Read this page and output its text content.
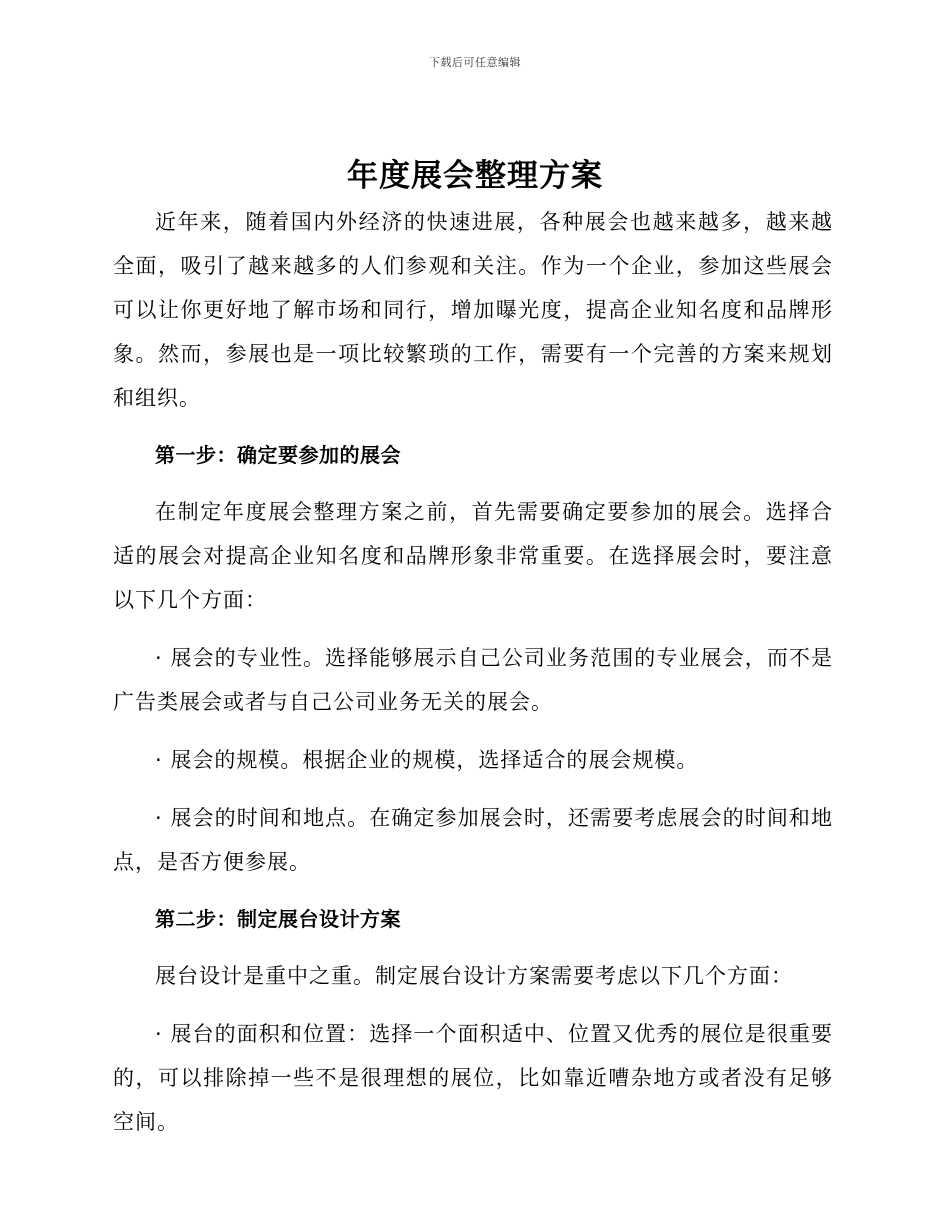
下载后可任意编辑
年度展会整理方案

近年来，随着国内外经济的快速进展，各种展会也越来越多，越来越全面，吸引了越来越多的人们参观和关注。作为一个企业，参加这些展会可以让你更好地了解市场和同行，增加曝光度，提高企业知名度和品牌形象。然而，参展也是一项比较繁琐的工作，需要有一个完善的方案来规划和组织。

第一步：确定要参加的展会

在制定年度展会整理方案之前，首先需要确定要参加的展会。选择合适的展会对提高企业知名度和品牌形象非常重要。在选择展会时，要注意以下几个方面：

· 展会的专业性。选择能够展示自己公司业务范围的专业展会，而不是广告类展会或者与自己公司业务无关的展会。

· 展会的规模。根据企业的规模，选择适合的展会规模。

· 展会的时间和地点。在确定参加展会时，还需要考虑展会的时间和地点，是否方便参展。

第二步：制定展台设计方案

展台设计是重中之重。制定展台设计方案需要考虑以下几个方面：

· 展台的面积和位置：选择一个面积适中、位置又优秀的展位是很重要的，可以排除掉一些不是很理想的展位，比如靠近嘈杂地方或者没有足够空间。
